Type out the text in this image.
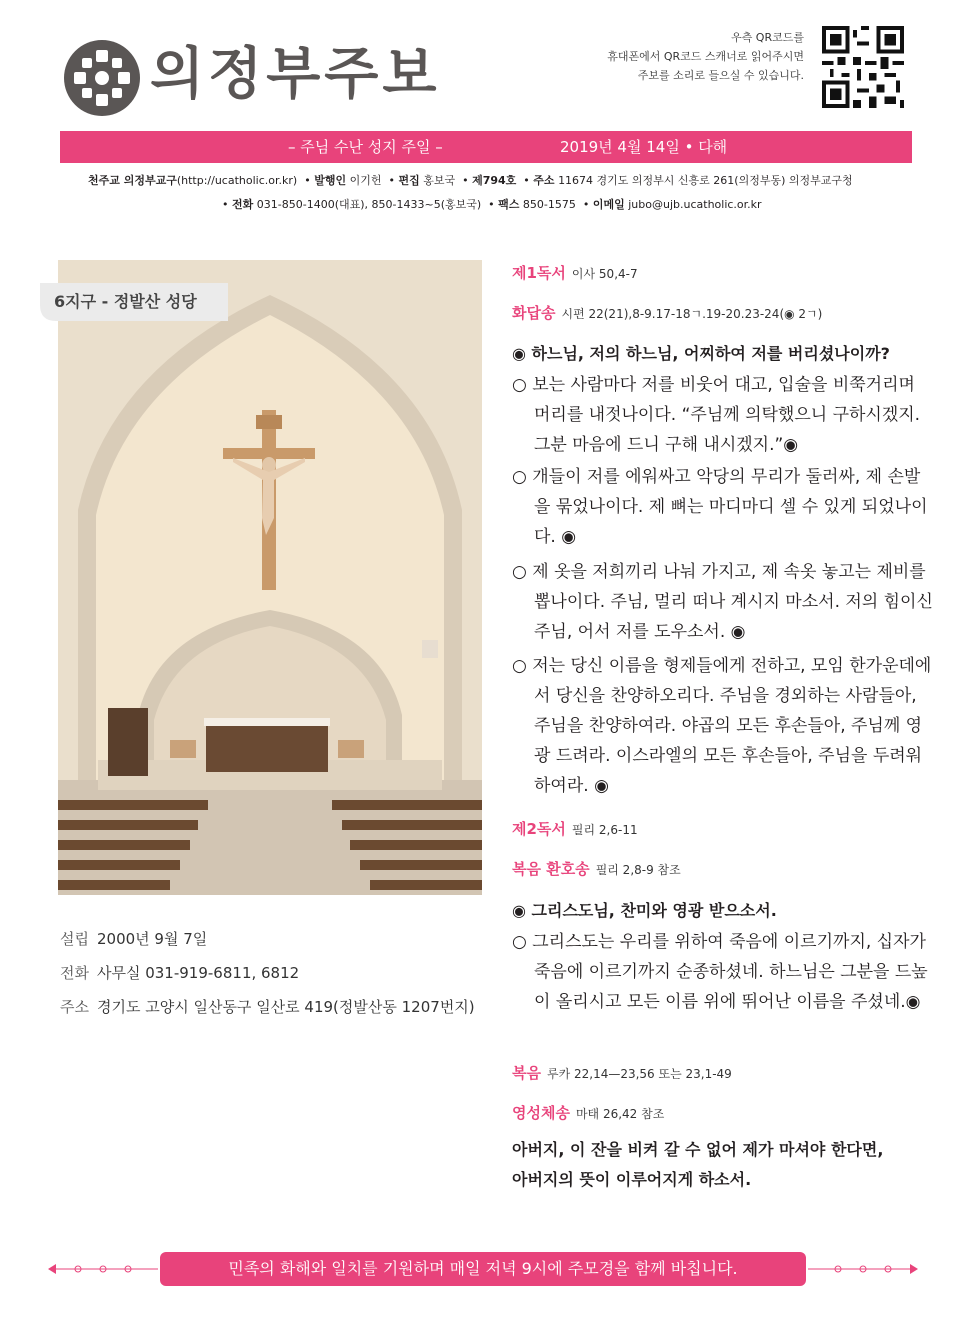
의정부주보
우측 QR코드를
휴대폰에서 QR코드 스캐너로 읽어주시면
주보를 소리로 들으실 수 있습니다.
– 주님 수난 성지 주일 –	2019년 4월 14일 • 다해
천주교 의정부교구(http://ucatholic.or.kr)  • 발행인 이기헌  • 편집 홍보국  • 제794호  • 주소 11674 경기도 의정부시 신흥로 261(의정부동) 의정부교구청
• 전화 031-850-1400(대표), 850-1433~5(홍보국)  • 팩스 850-1575  • 이메일 jubo@ujb.ucatholic.or.kr
6지구 - 정발산 성당
설립 2000년 9월 7일
전화 사무실 031-919-6811, 6812
주소 경기도 고양시 일산동구 일산로 419(정발산동 1207번지)
제1독서 이사 50,4-7
화답송 시편 22(21),8-9.17-18ㄱ.19-20.23-24(◉ 2ㄱ)
◉ 하느님, 저의 하느님, 어찌하여 저를 버리셨나이까?
○ 보는 사람마다 저를 비웃어 대고, 입술을 비쭉거리며 머리를 내젓나이다. “주님께 의탁했으니 구하시겠지. 그분 마음에 드니 구해 내시겠지.”◉
○ 개들이 저를 에워싸고 악당의 무리가 둘러싸, 제 손발을 묶었나이다. 제 뼈는 마디마디 셀 수 있게 되었나이다. ◉
○ 제 옷을 저희끼리 나눠 가지고, 제 속옷 놓고는 제비를 뽑나이다. 주님, 멀리 떠나 계시지 마소서. 저의 힘이신 주님, 어서 저를 도우소서. ◉
○ 저는 당신 이름을 형제들에게 전하고, 모임 한가운데에서 당신을 찬양하오리다. 주님을 경외하는 사람들아, 주님을 찬양하여라. 야곱의 모든 후손들아, 주님께 영광 드려라. 이스라엘의 모든 후손들아, 주님을 두려워하여라. ◉
제2독서 필리 2,6-11
복음 환호송 필리 2,8-9 참조
◉ 그리스도님, 찬미와 영광 받으소서.
○ 그리스도는 우리를 위하여 죽음에 이르기까지, 십자가 죽음에 이르기까지 순종하셨네. 하느님은 그분을 드높이 올리시고 모든 이름 위에 뛰어난 이름을 주셨네.◉
복음 루카 22,14—23,56 또는 23,1-49
영성체송 마태 26,42 참조
아버지, 이 잔을 비켜 갈 수 없어 제가 마셔야 한다면,
아버지의 뜻이 이루어지게 하소서.
민족의 화해와 일치를 기원하며 매일 저녁 9시에 주모경을 함께 바칩니다.
